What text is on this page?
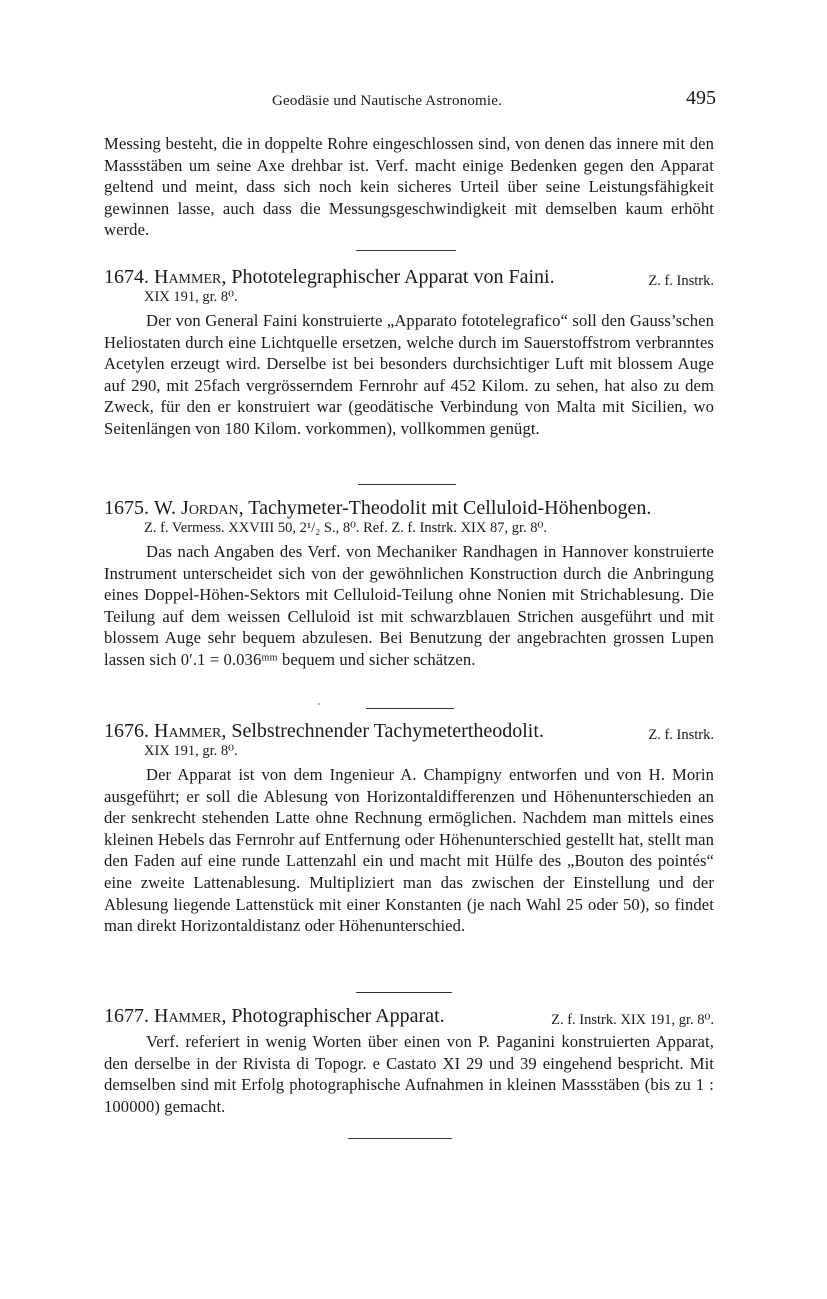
Geodäsie und Nautische Astronomie.	495

Messing besteht, die in doppelte Rohre eingeschlossen sind, von denen das innere mit den Massstäben um seine Axe drehbar ist. Verf. macht einige Bedenken gegen den Apparat geltend und meint, dass sich noch kein sicheres Urteil über seine Leistungsfähigkeit gewinnen lasse, auch dass die Messungsgeschwindigkeit mit demselben kaum erhöht werde.

1674. Hammer, Phototelegraphischer Apparat von Faini.	Z. f. Instrk.

XIX 191, gr. 8⁰.

Der von General Faini konstruierte „Apparato fototelegrafico“ soll den Gauss’schen Heliostaten durch eine Lichtquelle ersetzen, welche durch im Sauerstoffstrom verbranntes Acetylen erzeugt wird. Derselbe ist bei besonders durchsichtiger Luft mit blossem Auge auf 290, mit 25fach vergrösserndem Fernrohr auf 452 Kilom. zu sehen, hat also zu dem Zweck, für den er konstruiert war (geodätische Verbindung von Malta mit Sicilien, wo Seitenlängen von 180 Kilom. vorkommen), vollkommen genügt.

1675. W. Jordan, Tachymeter-Theodolit mit Celluloid-Höhenbogen.

Z. f. Vermess. XXVIII 50, 2¹/₂ S., 8⁰. Ref. Z. f. Instrk. XIX 87, gr. 8⁰.

Das nach Angaben des Verf. von Mechaniker Randhagen in Hannover konstruierte Instrument unterscheidet sich von der gewöhnlichen Konstruction durch die Anbringung eines Doppel-Höhen-Sektors mit Celluloid-Teilung ohne Nonien mit Strichablesung. Die Teilung auf dem weissen Celluloid ist mit schwarzblauen Strichen ausgeführt und mit blossem Auge sehr bequem abzulesen. Bei Benutzung der angebrachten grossen Lupen lassen sich 0′.1 = 0.036ᵐᵐ bequem und sicher schätzen.

1676. Hammer, Selbstrechnender Tachymetertheodolit.	Z. f. Instrk.

XIX 191, gr. 8⁰.

Der Apparat ist von dem Ingenieur A. Champigny entworfen und von H. Morin ausgeführt; er soll die Ablesung von Horizontaldifferenzen und Höhenunterschieden an der senkrecht stehenden Latte ohne Rechnung ermöglichen. Nachdem man mittels eines kleinen Hebels das Fernrohr auf Entfernung oder Höhenunterschied gestellt hat, stellt man den Faden auf eine runde Lattenzahl ein und macht mit Hülfe des „Bouton des pointés“ eine zweite Lattenablesung. Multipliziert man das zwischen der Einstellung und der Ablesung liegende Lattenstück mit einer Konstanten (je nach Wahl 25 oder 50), so findet man direkt Horizontaldistanz oder Höhenunterschied.

1677. Hammer, Photographischer Apparat.	Z. f. Instrk. XIX 191, gr. 8⁰.

Verf. referiert in wenig Worten über einen von P. Paganini konstruierten Apparat, den derselbe in der Rivista di Topogr. e Castato XI 29 und 39 eingehend bespricht. Mit demselben sind mit Erfolg photographische Aufnahmen in kleinen Massstäben (bis zu 1 : 100000) gemacht.
